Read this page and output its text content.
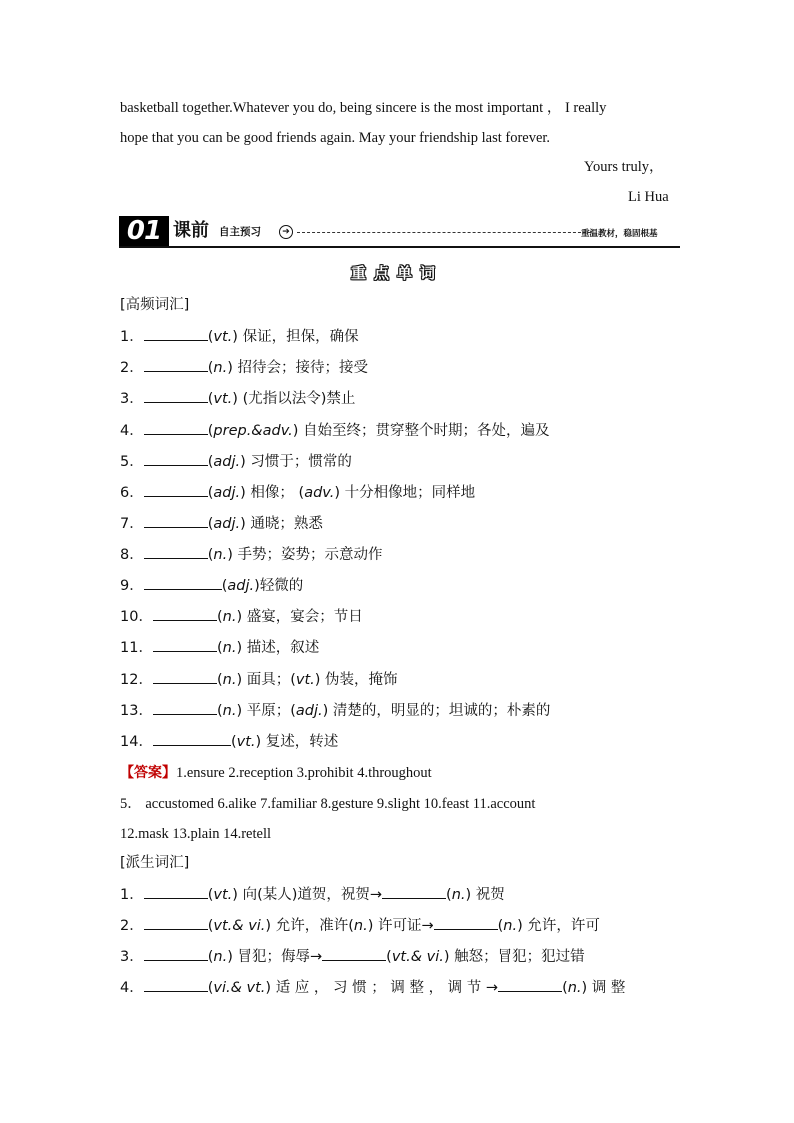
basketball together.Whatever you do, being sincere is the most important ， I really
hope that you can be good friends again. May your friendship last forever.
Yours truly，
Li Hua
01 课前 自主预习	➔	重温教材，稳固根基
重点单词
[高频词汇]
1．	(vt.) 保证，担保，确保
2．	(n.) 招待会；接待；接受
3．	(vt.) (尤指以法令)禁止
4．	(prep.&adv.) 自始至终；贯穿整个时期；各处，遍及
5．	(adj.) 习惯于；惯常的
6．	(adj.) 相像； (adv.) 十分相像地；同样地
7．	(adj.) 通晓；熟悉
8．	(n.) 手势；姿势；示意动作
9．	(adj.)轻微的
10．	(n.) 盛宴，宴会；节日
11．	(n.) 描述，叙述
12．	(n.) 面具；(vt.) 伪装，掩饰
13．	(n.) 平原；(adj.) 清楚的，明显的；坦诚的；朴素的
14．	(vt.) 复述，转述
【答案】1.ensure 2.reception 3.prohibit 4.throughout
5． accustomed 6.alike 7.familiar 8.gesture 9.slight 10.feast 11.account
12.mask 13.plain 14.retell
[派生词汇]
1．	(vt.) 向(某人)道贺，祝贺→	(n.) 祝贺
2．	(vt.& vi.) 允许，准许(n.) 许可证→	(n.) 允许，许可
3．	(n.) 冒犯；侮辱→	(vt.& vi.) 触怒；冒犯；犯过错
4．	(vi.& vt.) 适 应 ， 习 惯 ； 调 整 ， 调 节 →	(n.) 调 整
